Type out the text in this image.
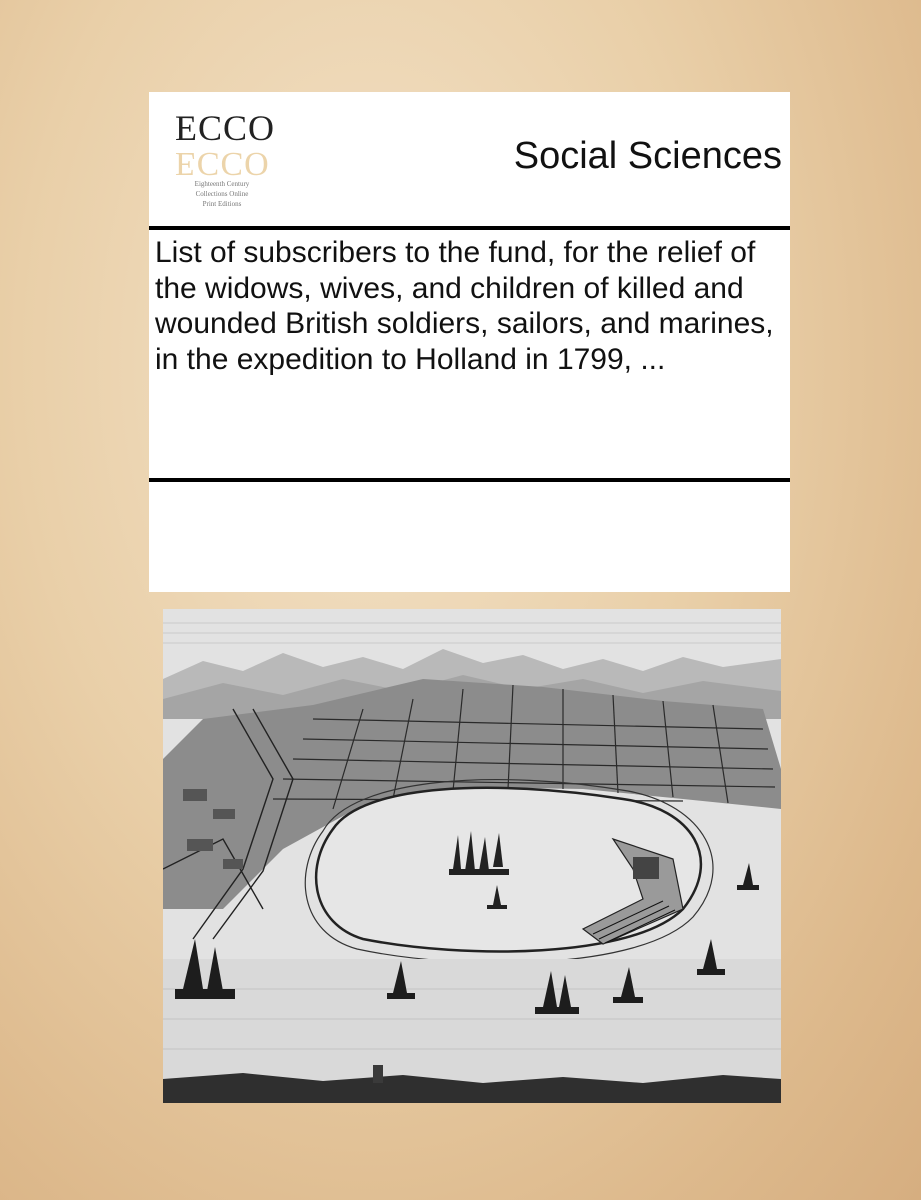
ECCO
ECCO
Eighteenth Century
Collections Online
Print Editions
Social Sciences
List of subscribers to the fund, for the relief of the widows, wives, and children of killed and wounded British soldiers, sailors, and marines, in the expedition to Holland in 1799, ...
